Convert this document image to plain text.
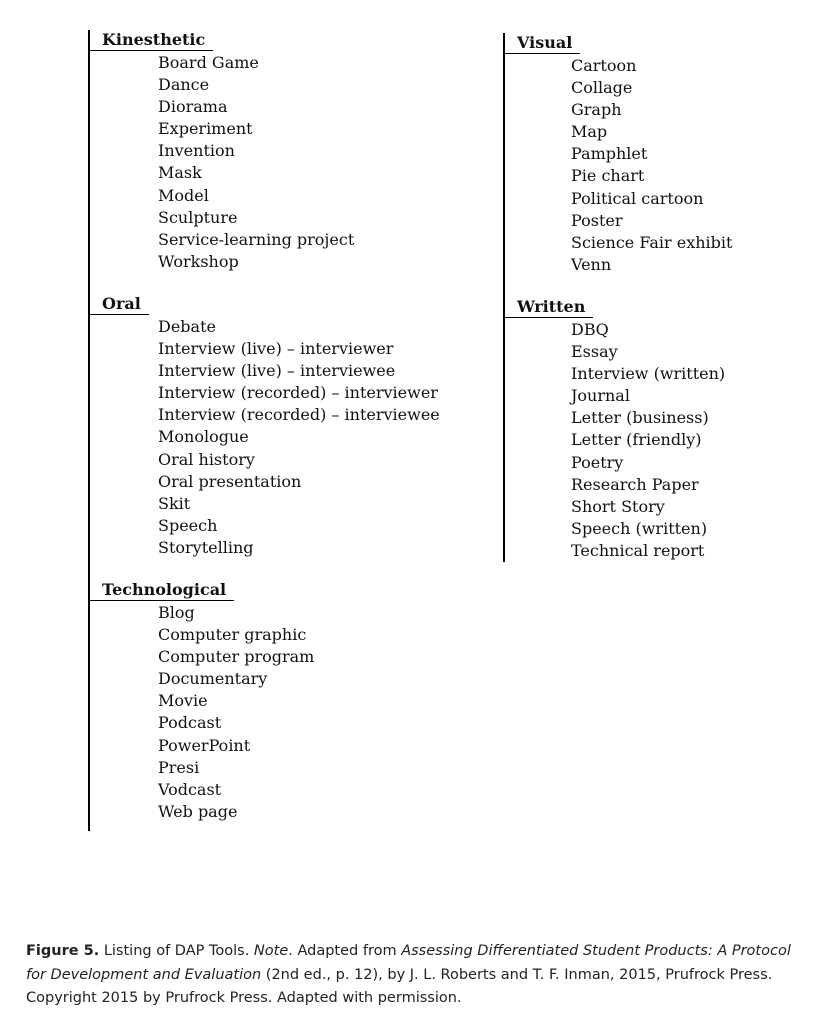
Kinesthetic
Board Game
Dance
Diorama
Experiment
Invention
Mask
Model
Sculpture
Service-learning project
Workshop
Oral
Debate
Interview (live) – interviewer
Interview (live) – interviewee
Interview (recorded) – interviewer
Interview (recorded) – interviewee
Monologue
Oral history
Oral presentation
Skit
Speech
Storytelling
Technological
Blog
Computer graphic
Computer program
Documentary
Movie
Podcast
PowerPoint
Presi
Vodcast
Web page
Visual
Cartoon
Collage
Graph
Map
Pamphlet
Pie chart
Political cartoon
Poster
Science Fair exhibit
Venn
Written
DBQ
Essay
Interview (written)
Journal
Letter (business)
Letter (friendly)
Poetry
Research Paper
Short Story
Speech (written)
Technical report
Figure 5. Listing of DAP Tools. Note. Adapted from Assessing Differentiated Student Products: A Protocol for Development and Evaluation (2nd ed., p. 12), by J. L. Roberts and T. F. Inman, 2015, Prufrock Press. Copyright 2015 by Prufrock Press. Adapted with permission.
